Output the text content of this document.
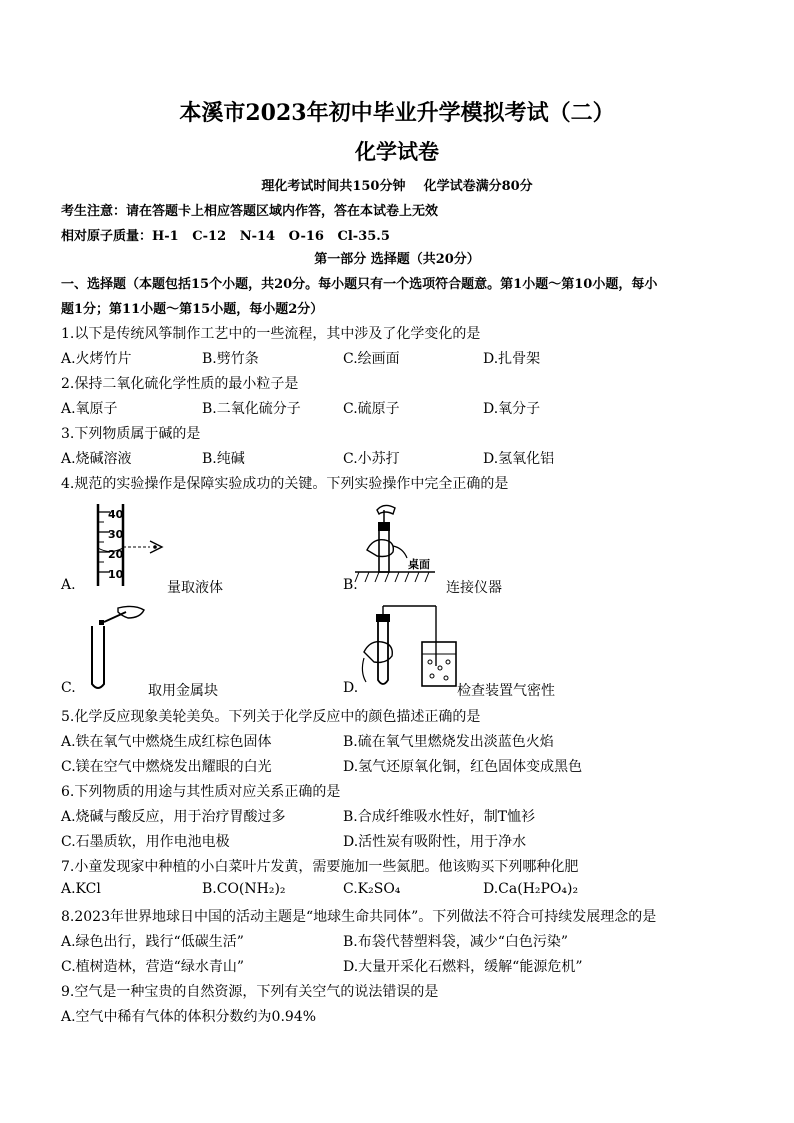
本溪市2023年初中毕业升学模拟考试（二）
化学试卷
理化考试时间共150分钟    化学试卷满分80分
考生注意：请在答题卡上相应答题区域内作答，答在本试卷上无效
相对原子质量：H-1   C-12   N-14   O-16   Cl-35.5
第一部分 选择题（共20分）
一、选择题（本题包括15个小题，共20分。每小题只有一个选项符合题意。第1小题～第10小题，每小
题1分；第11小题～第15小题，每小题2分）
1.以下是传统风筝制作工艺中的一些流程，其中涉及了化学变化的是
A.火烤竹片	B.劈竹条	C.绘画面	D.扎骨架
2.保持二氧化硫化学性质的最小粒子是
A.氧原子	B.二氧化硫分子	C.硫原子	D.氧分子
3.下列物质属于碱的是
A.烧碱溶液	B.纯碱	C.小苏打	D.氢氧化铝
4.规范的实验操作是保障实验成功的关键。下列实验操作中完全正确的是
40
30
20
10
A.	量取液体
桌面
B.	连接仪器
C.	取用金属块	D.	检查装置气密性
5.化学反应现象美轮美奂。下列关于化学反应中的颜色描述正确的是
A.铁在氧气中燃烧生成红棕色固体	B.硫在氧气里燃烧发出淡蓝色火焰
C.镁在空气中燃烧发出耀眼的白光	D.氢气还原氧化铜，红色固体变成黑色
6.下列物质的用途与其性质对应关系正确的是
A.烧碱与酸反应，用于治疗胃酸过多	B.合成纤维吸水性好，制T恤衫
C.石墨质软，用作电池电极	D.活性炭有吸附性，用于净水
7.小童发现家中种植的小白菜叶片发黄，需要施加一些氮肥。他该购买下列哪种化肥
A.KCl	B.CO(NH₂)₂	C.K₂SO₄	D.Ca(H₂PO₄)₂
8.2023年世界地球日中国的活动主题是“地球生命共同体”。下列做法不符合可持续发展理念的是
A.绿色出行，践行“低碳生活”	B.布袋代替塑料袋，减少“白色污染”
C.植树造林，营造“绿水青山”	D.大量开采化石燃料，缓解“能源危机”
9.空气是一种宝贵的自然资源，下列有关空气的说法错误的是
A.空气中稀有气体的体积分数约为0.94%
